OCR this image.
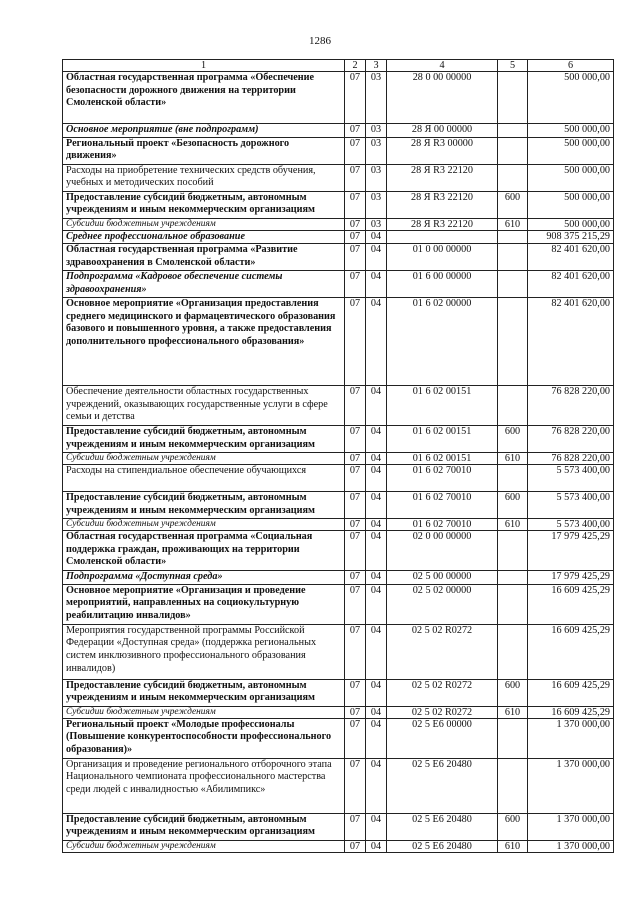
1286
1	2	3	4	5	6
Областная государственная программа «Обеспечение безопасности дорожного движения на территории Смоленской области»	07	03	28 0 00 00000		500 000,00
Основное мероприятие (вне подпрограмм)	07	03	28 Я 00 00000		500 000,00
Региональный проект «Безопасность дорожного движения»	07	03	28 Я R3 00000		500 000,00
Расходы на приобретение технических средств обучения, учебных и методических пособий	07	03	28 Я R3 22120		500 000,00
Предоставление субсидий бюджетным, автономным учреждениям и иным некоммерческим организациям	07	03	28 Я R3 22120	600	500 000,00
Субсидии бюджетным учреждениям	07	03	28 Я R3 22120	610	500 000,00
Среднее профессиональное образование	07	04			908 375 215,29
Областная государственная программа «Развитие здравоохранения в Смоленской области»	07	04	01 0 00 00000		82 401 620,00
Подпрограмма «Кадровое обеспечение системы здравоохранения»	07	04	01 6 00 00000		82 401 620,00
Основное мероприятие «Организация предоставления среднего медицинского и фармацевтического образования базового и повышенного уровня, а также предоставления дополнительного профессионального образования»	07	04	01 6 02 00000		82 401 620,00
Обеспечение деятельности областных государственных учреждений, оказывающих государственные услуги в сфере семьи и детства	07	04	01 6 02 00151		76 828 220,00
Предоставление субсидий бюджетным, автономным учреждениям и иным некоммерческим организациям	07	04	01 6 02 00151	600	76 828 220,00
Субсидии бюджетным учреждениям	07	04	01 6 02 00151	610	76 828 220,00
Расходы на стипендиальное обеспечение обучающихся	07	04	01 6 02 70010		5 573 400,00
Предоставление субсидий бюджетным, автономным учреждениям и иным некоммерческим организациям	07	04	01 6 02 70010	600	5 573 400,00
Субсидии бюджетным учреждениям	07	04	01 6 02 70010	610	5 573 400,00
Областная государственная программа «Социальная поддержка граждан, проживающих на территории Смоленской области»	07	04	02 0 00 00000		17 979 425,29
Подпрограмма «Доступная среда»	07	04	02 5 00 00000		17 979 425,29
Основное мероприятие «Организация и проведение мероприятий, направленных на социокультурную реабилитацию инвалидов»	07	04	02 5 02 00000		16 609 425,29
Мероприятия государственной программы Российской Федерации «Доступная среда» (поддержка региональных систем инклюзивного профессионального образования инвалидов)	07	04	02 5 02 R0272		16 609 425,29
Предоставление субсидий бюджетным, автономным учреждениям и иным некоммерческим организациям	07	04	02 5 02 R0272	600	16 609 425,29
Субсидии бюджетным учреждениям	07	04	02 5 02 R0272	610	16 609 425,29
Региональный проект «Молодые профессионалы (Повышение конкурентоспособности профессионального образования)»	07	04	02 5 Е6 00000		1 370 000,00
Организация и проведение регионального отборочного этапа Национального чемпионата профессионального мастерства среди людей с инвалидностью «Абилимпикс»	07	04	02 5 Е6 20480		1 370 000,00
Предоставление субсидий бюджетным, автономным учреждениям и иным некоммерческим организациям	07	04	02 5 Е6 20480	600	1 370 000,00
Субсидии бюджетным учреждениям	07	04	02 5 Е6 20480	610	1 370 000,00
